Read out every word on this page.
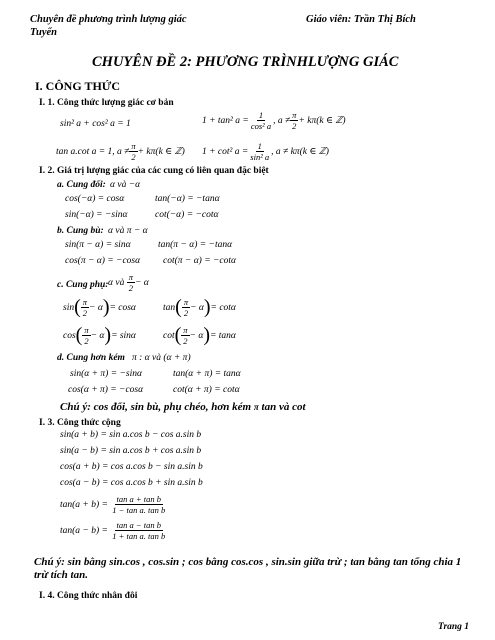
Chuyên đề phương trình lượng giác
Tuyển
Giáo viên: Trần Thị Bích
CHUYÊN ĐỀ 2: PHƯƠNG TRÌNHLƯỢNG GIÁC
I. CÔNG THỨC
I. 1. Công thức lượng giác cơ bản
sin² a + cos² a = 1	1 + tan² $a = \frac{1}{\text{cos² a}}$ , $a \ne \frac{\pi}{2} + k\pi(k$ ∈ ℤ)
tan a.cot a = 1, $a \ne \frac{\pi}{2} + k\pi(k$ ∈ ℤ) 1 + cot² $a = \frac{1}{\text{sin² a}}$ , a ≠ kπ(k ∈ ℤ)
I. 2. Giá trị lượng giác của các cung có liên quan đặc biệt
a. Cung đối: α và −α
cos(−α) = cosα	tan(−α) = −tanα
sin(−α) = −sinα	cot(−α) = −cotα
b. Cung bù: α và π − α
sin(π − α) = sinα	tan(π − α) = −tanα
cos(π − α) = −cosα cot(π − α) = −cotα
c. Cung phụ: α và
$\frac{\pi}{2} - \alpha$
sin ( $\frac{\pi}{2} - \alpha$ ) = cosα	tan ( $\frac{\pi}{2} - \alpha$ ) = cotα
cos ( $\frac{\pi}{2} - \alpha$ ) = sinα	cot ( $\frac{\pi}{2} - \alpha$ ) = tanα
d. Cung hơn kém π : α và (α + π)
sin(α + π) = −sinα	tan(α + π) = tanα
cos(α + π) = −cosα	cot(α + π) = cotα
Chú ý: cos đối, sin bù, phụ chéo, hơn kém π tan và cot
I. 3. Công thức cộng
sin(a + b) = sin a.cos b − cos a.sin b
sin(a − b) = sin a.cos b + cos a.sin b
cos(a + b) = cos a.cos b − sin a.sin b
cos(a − b) = cos a.cos b + sin a.sin b
tan(a + b) =
$\frac{\text{tan a + tan b}}{\text{1 − tan a. tan b}}$
tan(a − b) =
$\frac{\text{tan a − tan b}}{\text{1 + tan a. tan b}}$
Chú ý: sin bằng sin.cos , cos.sin ; cos bằng cos.cos , sin.sin giữa trừ ; tan bằng tan tổng chia 1 trừ tích tan.
I. 4. Công thức nhân đôi
Trang 1
